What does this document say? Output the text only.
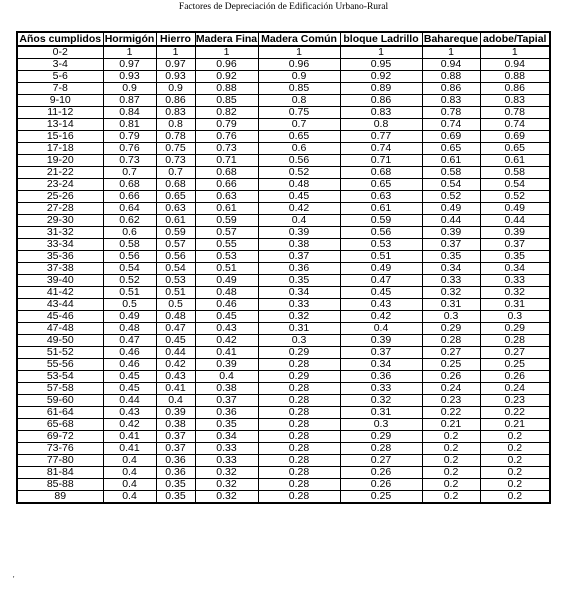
Factores de Depreciación de Edificación Urbano-Rural
Años cumplidos	Hormigón	Hierro	Madera Fina	Madera Común	bloque Ladrillo	Bahareque	adobe/Tapial
0-2	1	1	1	1	1	1	1
3-4	0.97	0.97	0.96	0.96	0.95	0.94	0.94
5-6	0.93	0.93	0.92	0.9	0.92	0.88	0.88
7-8	0.9	0.9	0.88	0.85	0.89	0.86	0.86
9-10	0.87	0.86	0.85	0.8	0.86	0.83	0.83
11-12	0.84	0.83	0.82	0.75	0.83	0.78	0.78
13-14	0.81	0.8	0.79	0.7	0.8	0.74	0.74
15-16	0.79	0.78	0.76	0.65	0.77	0.69	0.69
17-18	0.76	0.75	0.73	0.6	0.74	0.65	0.65
19-20	0.73	0.73	0.71	0.56	0.71	0.61	0.61
21-22	0.7	0.7	0.68	0.52	0.68	0.58	0.58
23-24	0.68	0.68	0.66	0.48	0.65	0.54	0.54
25-26	0.66	0.65	0.63	0.45	0.63	0.52	0.52
27-28	0.64	0.63	0.61	0.42	0.61	0.49	0.49
29-30	0.62	0.61	0.59	0.4	0.59	0.44	0.44
31-32	0.6	0.59	0.57	0.39	0.56	0.39	0.39
33-34	0.58	0.57	0.55	0.38	0.53	0.37	0.37
35-36	0.56	0.56	0.53	0.37	0.51	0.35	0.35
37-38	0.54	0.54	0.51	0.36	0.49	0.34	0.34
39-40	0.52	0.53	0.49	0.35	0.47	0.33	0.33
41-42	0.51	0.51	0.48	0.34	0.45	0.32	0.32
43-44	0.5	0.5	0.46	0.33	0.43	0.31	0.31
45-46	0.49	0.48	0.45	0.32	0.42	0.3	0.3
47-48	0.48	0.47	0.43	0.31	0.4	0.29	0.29
49-50	0.47	0.45	0.42	0.3	0.39	0.28	0.28
51-52	0.46	0.44	0.41	0.29	0.37	0.27	0.27
55-56	0.46	0.42	0.39	0.28	0.34	0.25	0.25
53-54	0.45	0.43	0.4	0.29	0.36	0.26	0.26
57-58	0.45	0.41	0.38	0.28	0.33	0.24	0.24
59-60	0.44	0.4	0.37	0.28	0.32	0.23	0.23
61-64	0.43	0.39	0.36	0.28	0.31	0.22	0.22
65-68	0.42	0.38	0.35	0.28	0.3	0.21	0.21
69-72	0.41	0.37	0.34	0.28	0.29	0.2	0.2
73-76	0.41	0.37	0.33	0.28	0.28	0.2	0.2
77-80	0.4	0.36	0.33	0.28	0.27	0.2	0.2
81-84	0.4	0.36	0.32	0.28	0.26	0.2	0.2
85-88	0.4	0.35	0.32	0.28	0.26	0.2	0.2
89	0.4	0.35	0.32	0.28	0.25	0.2	0.2
′
